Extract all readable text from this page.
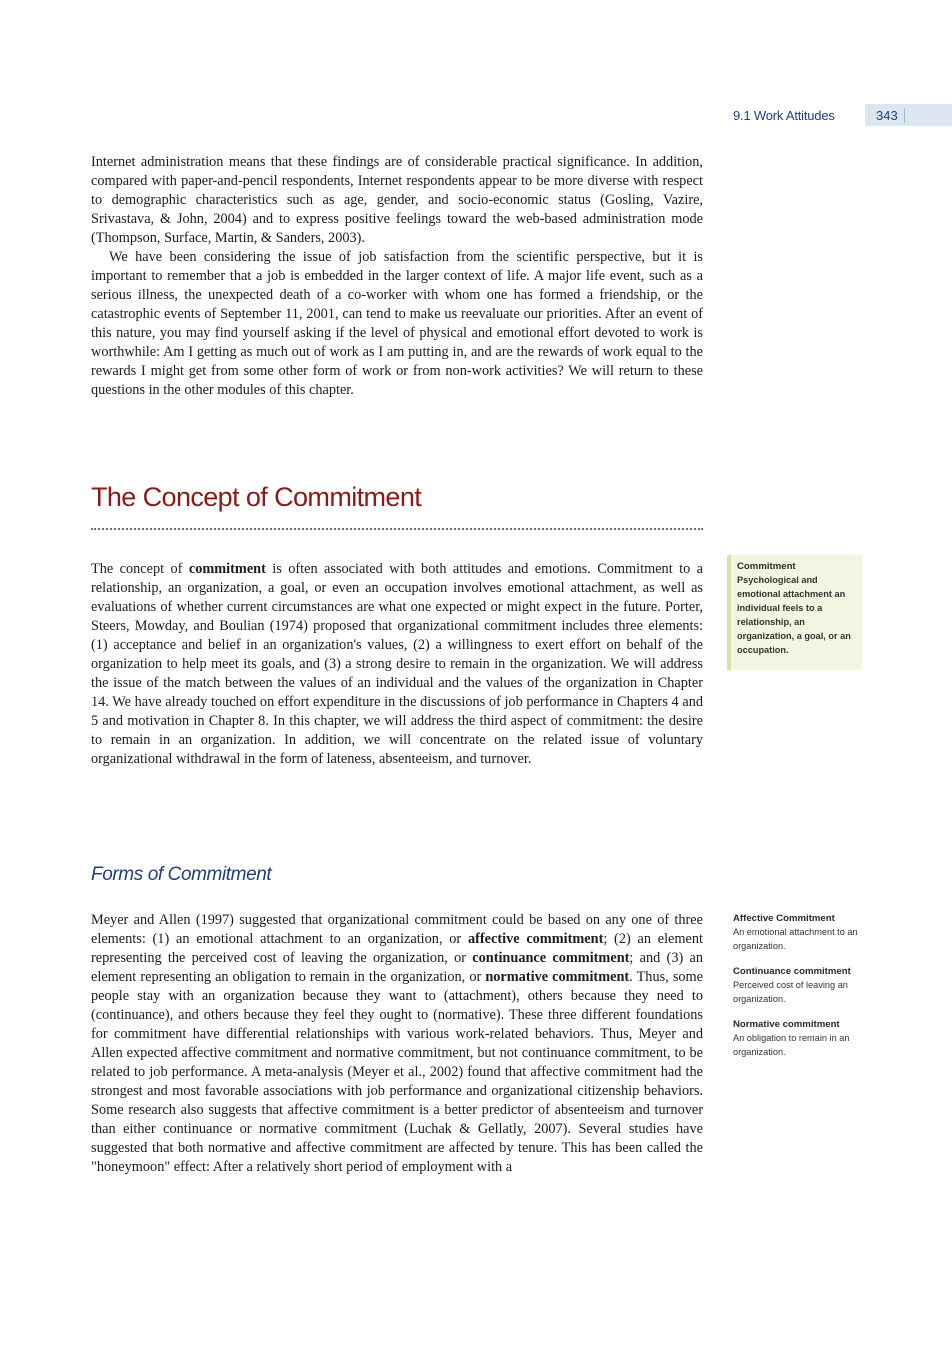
9.1 Work Attitudes	343

Internet administration means that these findings are of considerable practical significance. In addition, compared with paper-and-pencil respondents, Internet respondents appear to be more diverse with respect to demographic characteristics such as age, gender, and socio-economic status (Gosling, Vazire, Srivastava, & John, 2004) and to express positive feelings toward the web-based administration mode (Thompson, Surface, Martin, & Sanders, 2003).

We have been considering the issue of job satisfaction from the scientific perspective, but it is important to remember that a job is embedded in the larger context of life. A major life event, such as a serious illness, the unexpected death of a co-worker with whom one has formed a friendship, or the catastrophic events of September 11, 2001, can tend to make us reevaluate our priorities. After an event of this nature, you may find yourself asking if the level of physical and emotional effort devoted to work is worthwhile: Am I getting as much out of work as I am putting in, and are the rewards of work equal to the rewards I might get from some other form of work or from non-work activities? We will return to these questions in the other modules of this chapter.

The Concept of Commitment

The concept of commitment is often associated with both attitudes and emotions. Commitment to a relationship, an organization, a goal, or even an occupation involves emotional attachment, as well as evaluations of whether current circumstances are what one expected or might expect in the future. Porter, Steers, Mowday, and Boulian (1974) proposed that organizational commitment includes three elements: (1) acceptance and belief in an organization's values, (2) a willingness to exert effort on behalf of the organization to help meet its goals, and (3) a strong desire to remain in the organization. We will address the issue of the match between the values of an individual and the values of the organization in Chapter 14. We have already touched on effort expenditure in the discussions of job performance in Chapters 4 and 5 and motivation in Chapter 8. In this chapter, we will address the third aspect of commitment: the desire to remain in an organization. In addition, we will concentrate on the related issue of voluntary organizational withdrawal in the form of lateness, absenteeism, and turnover.

Commitment
Psychological and emotional attachment an individual feels to a relationship, an organization, a goal, or an occupation.
Forms of Commitment

Meyer and Allen (1997) suggested that organizational commitment could be based on any one of three elements: (1) an emotional attachment to an organization, or affective commitment; (2) an element representing the perceived cost of leaving the organization, or continuance commitment; and (3) an element representing an obligation to remain in the organization, or normative commitment. Thus, some people stay with an organization because they want to (attachment), others because they need to (continuance), and others because they feel they ought to (normative). These three different foundations for commitment have differential relationships with various work-related behaviors. Thus, Meyer and Allen expected affective commitment and normative commitment, but not continuance commitment, to be related to job performance. A meta-analysis (Meyer et al., 2002) found that affective commitment had the strongest and most favorable associations with job performance and organizational citizenship behaviors. Some research also suggests that affective commitment is a better predictor of absenteeism and turnover than either continuance or normative commitment (Luchak & Gellatly, 2007). Several studies have suggested that both normative and affective commitment are affected by tenure. This has been called the "honeymoon" effect: After a relatively short period of employment with a

Affective Commitment
An emotional attachment to an organization.
Continuance commitment
Perceived cost of leaving an organization.
Normative commitment
An obligation to remain in an organization.
